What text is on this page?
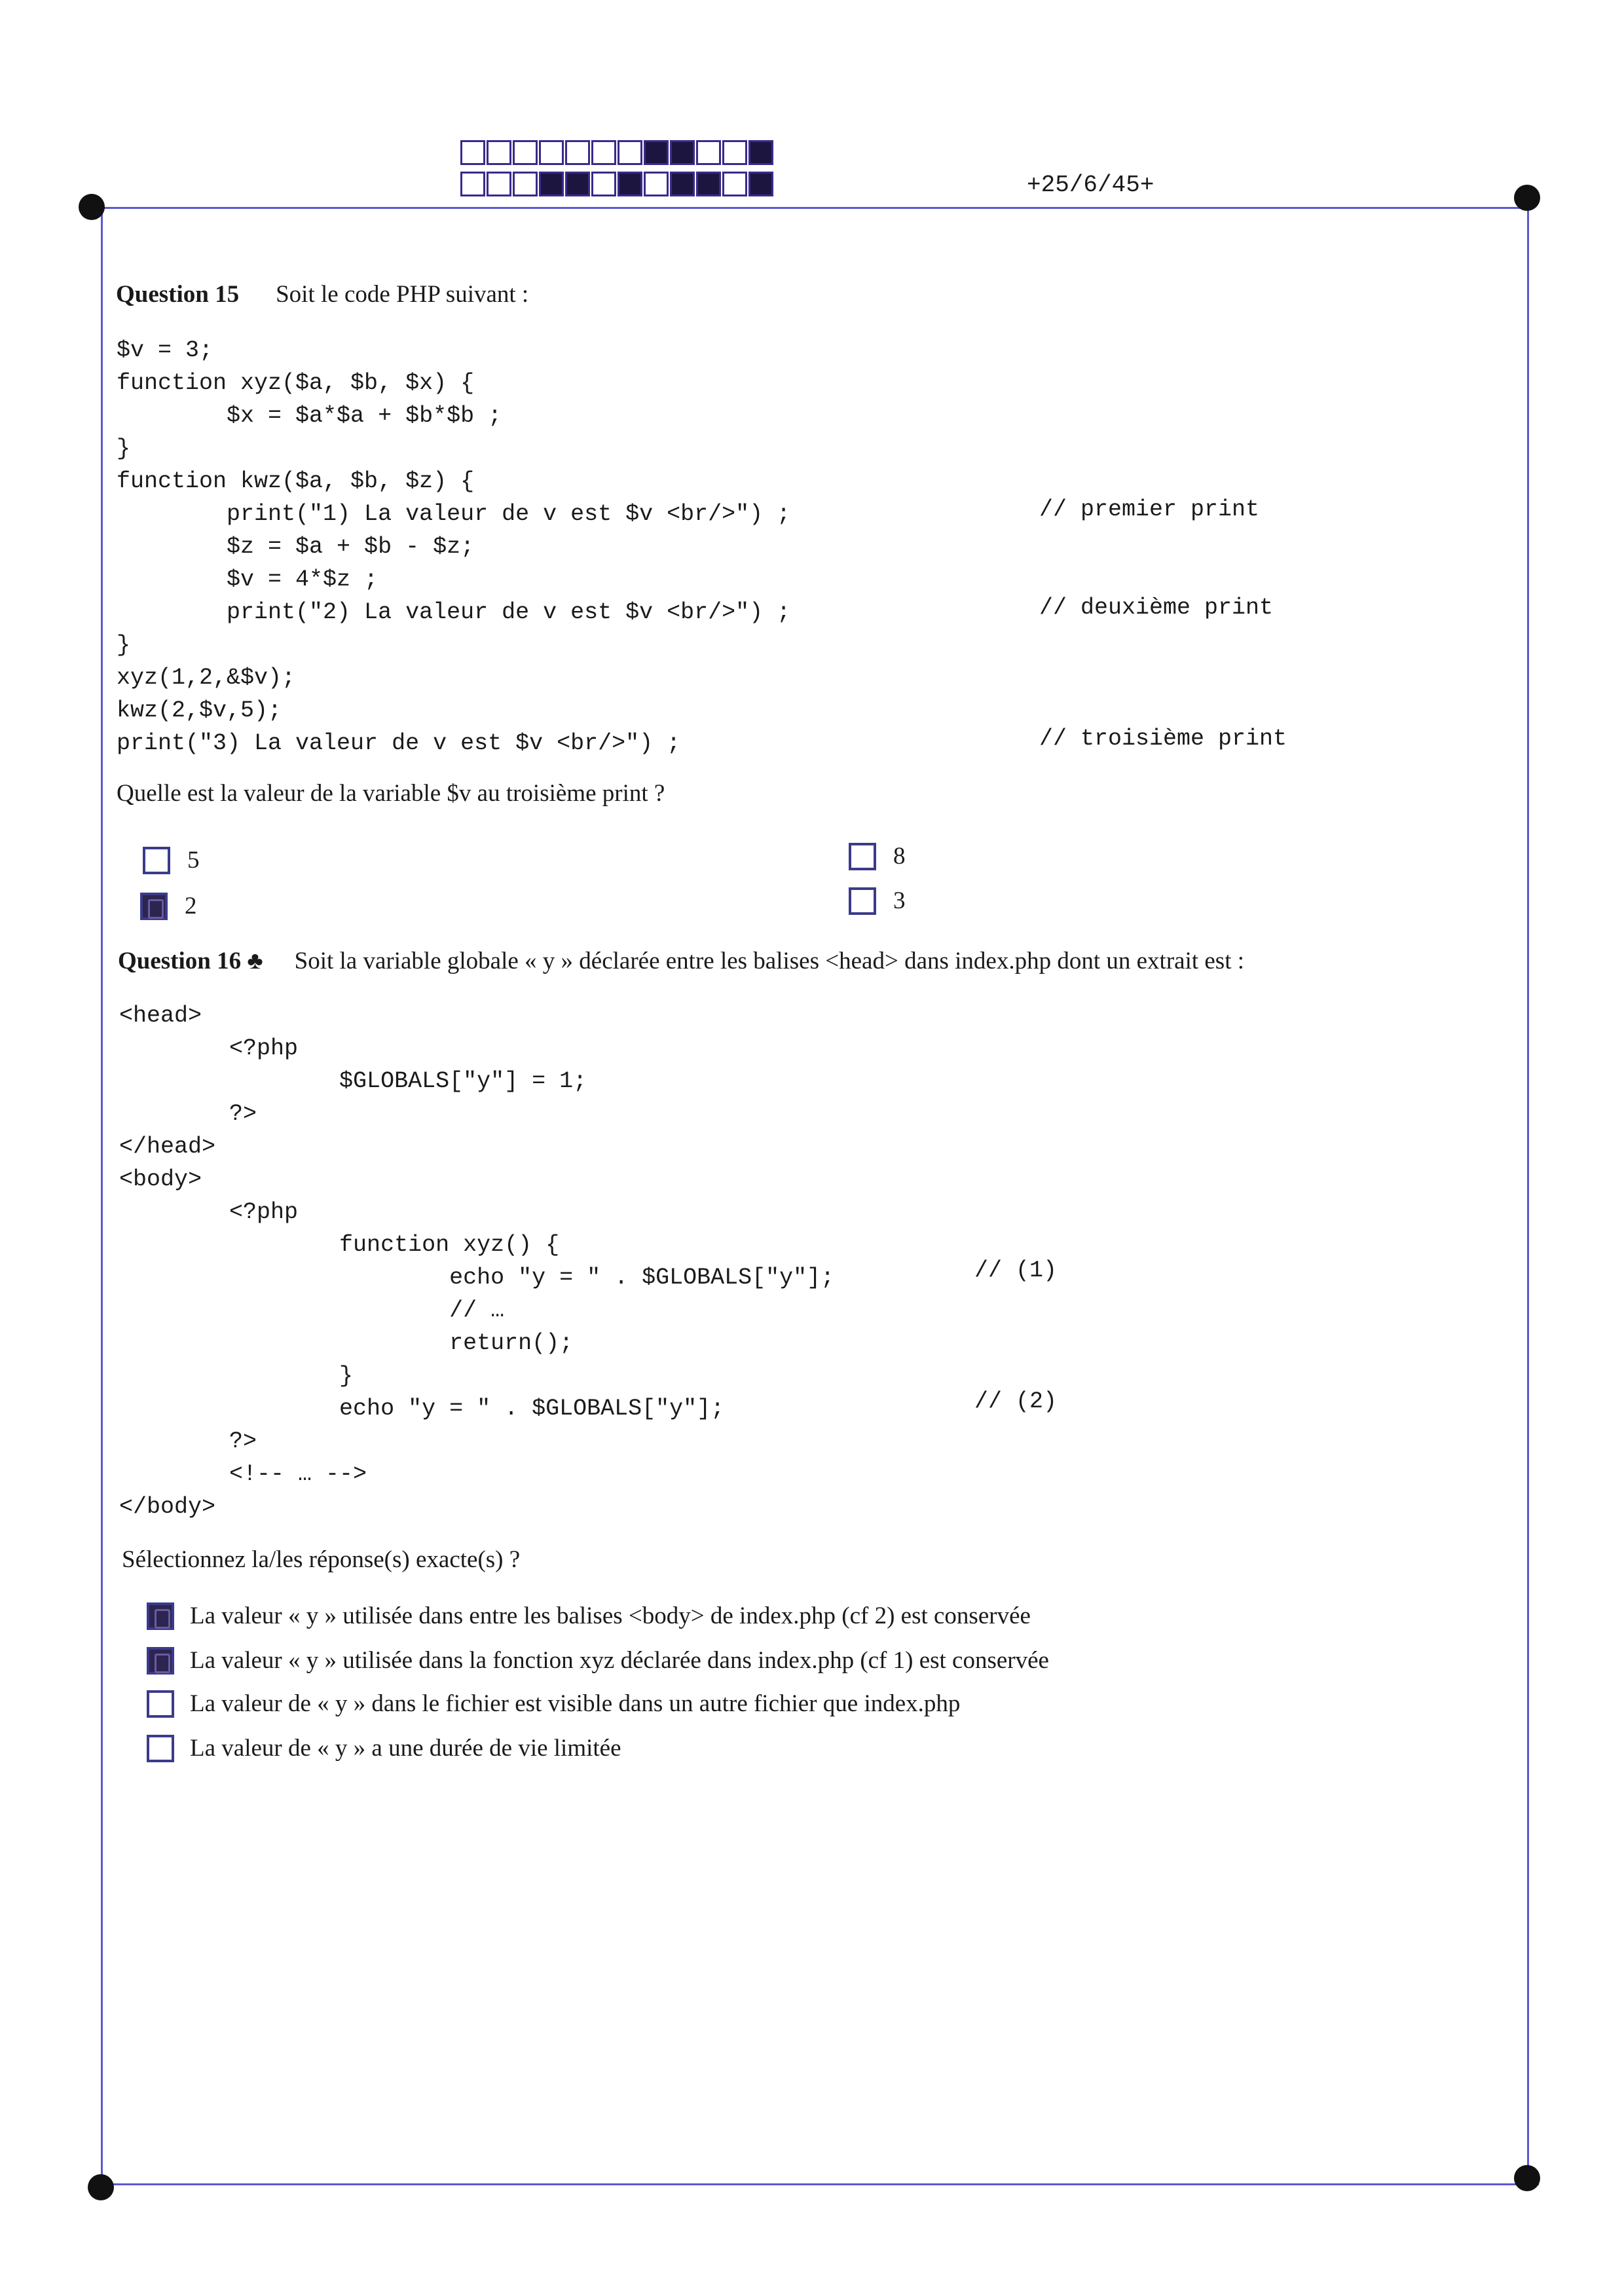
+25/6/45+
Question 15 Soit le code PHP suivant :
$v = 3;
function xyz($a, $b, $x) {
$x = $a*$a + $b*$b ;
}
function kwz($a, $b, $z) {
print("1) La valeur de v est $v <br/>") ;
$z = $a + $b - $z;
$v = 4*$z ;
print("2) La valeur de v est $v <br/>") ;
}
xyz(1,2,&$v);
kwz(2,$v,5);
print("3) La valeur de v est $v <br/>") ;
// premier print
// deuxième print
// troisième print
Quelle est la valeur de la variable $v au troisième print ?
5	8
2	3
Question 16 ♣ Soit la variable globale « y » déclarée entre les balises <head> dans index.php dont un extrait est :
<head>
<?php
$GLOBALS["y"] = 1;
?>
</head>
<body>
<?php
function xyz() {
echo "y = " . $GLOBALS["y"];
// …
return();
}
echo "y = " . $GLOBALS["y"];
?>
<!-- … -->
</body>
// (1)
// (2)
Sélectionnez la/les réponse(s) exacte(s) ?
La valeur « y » utilisée dans entre les balises <body> de index.php (cf 2) est conservée
La valeur « y » utilisée dans la fonction xyz déclarée dans index.php (cf 1) est conservée
La valeur de « y » dans le fichier est visible dans un autre fichier que index.php
La valeur de « y » a une durée de vie limitée
